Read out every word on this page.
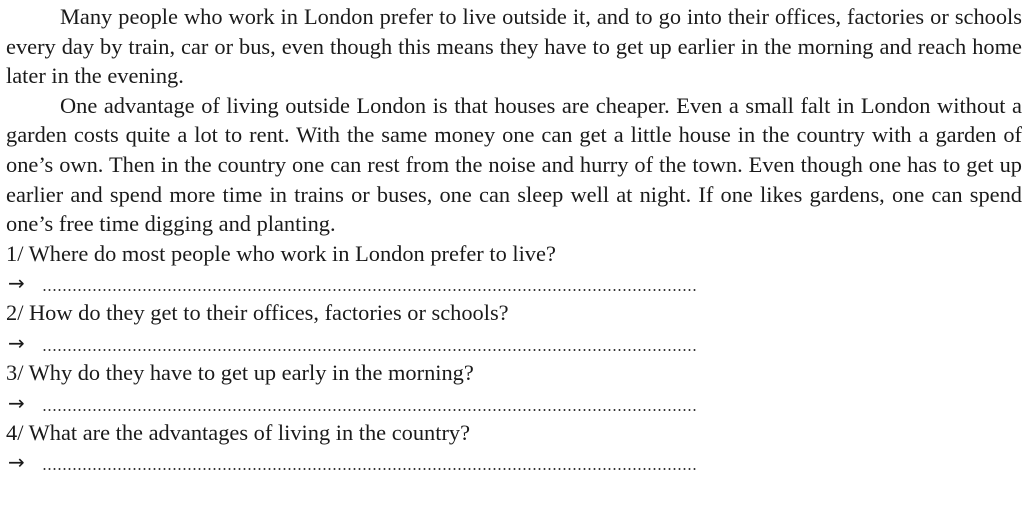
Many people who work in London prefer to live outside it, and to go into their offices, factories or schools every day by train, car or bus, even though this means they have to get up earlier in the morning and reach home later in the evening.

One advantage of living outside London is that houses are cheaper. Even a small falt in London without a garden costs quite a lot to rent. With the same money one can get a little house in the country with a garden of one’s own. Then in the country one can rest from the noise and hurry of the town. Even though one has to get up earlier and spend more time in trains or buses, one can sleep well at night. If one likes gardens, one can spend one’s free time digging and planting.

1/ Where do most people who work in London prefer to live?

→

2/ How do they get to their offices, factories or schools?

→

3/ Why do they have to get up early in the morning?

→

4/ What are the advantages of living in the country?

→
